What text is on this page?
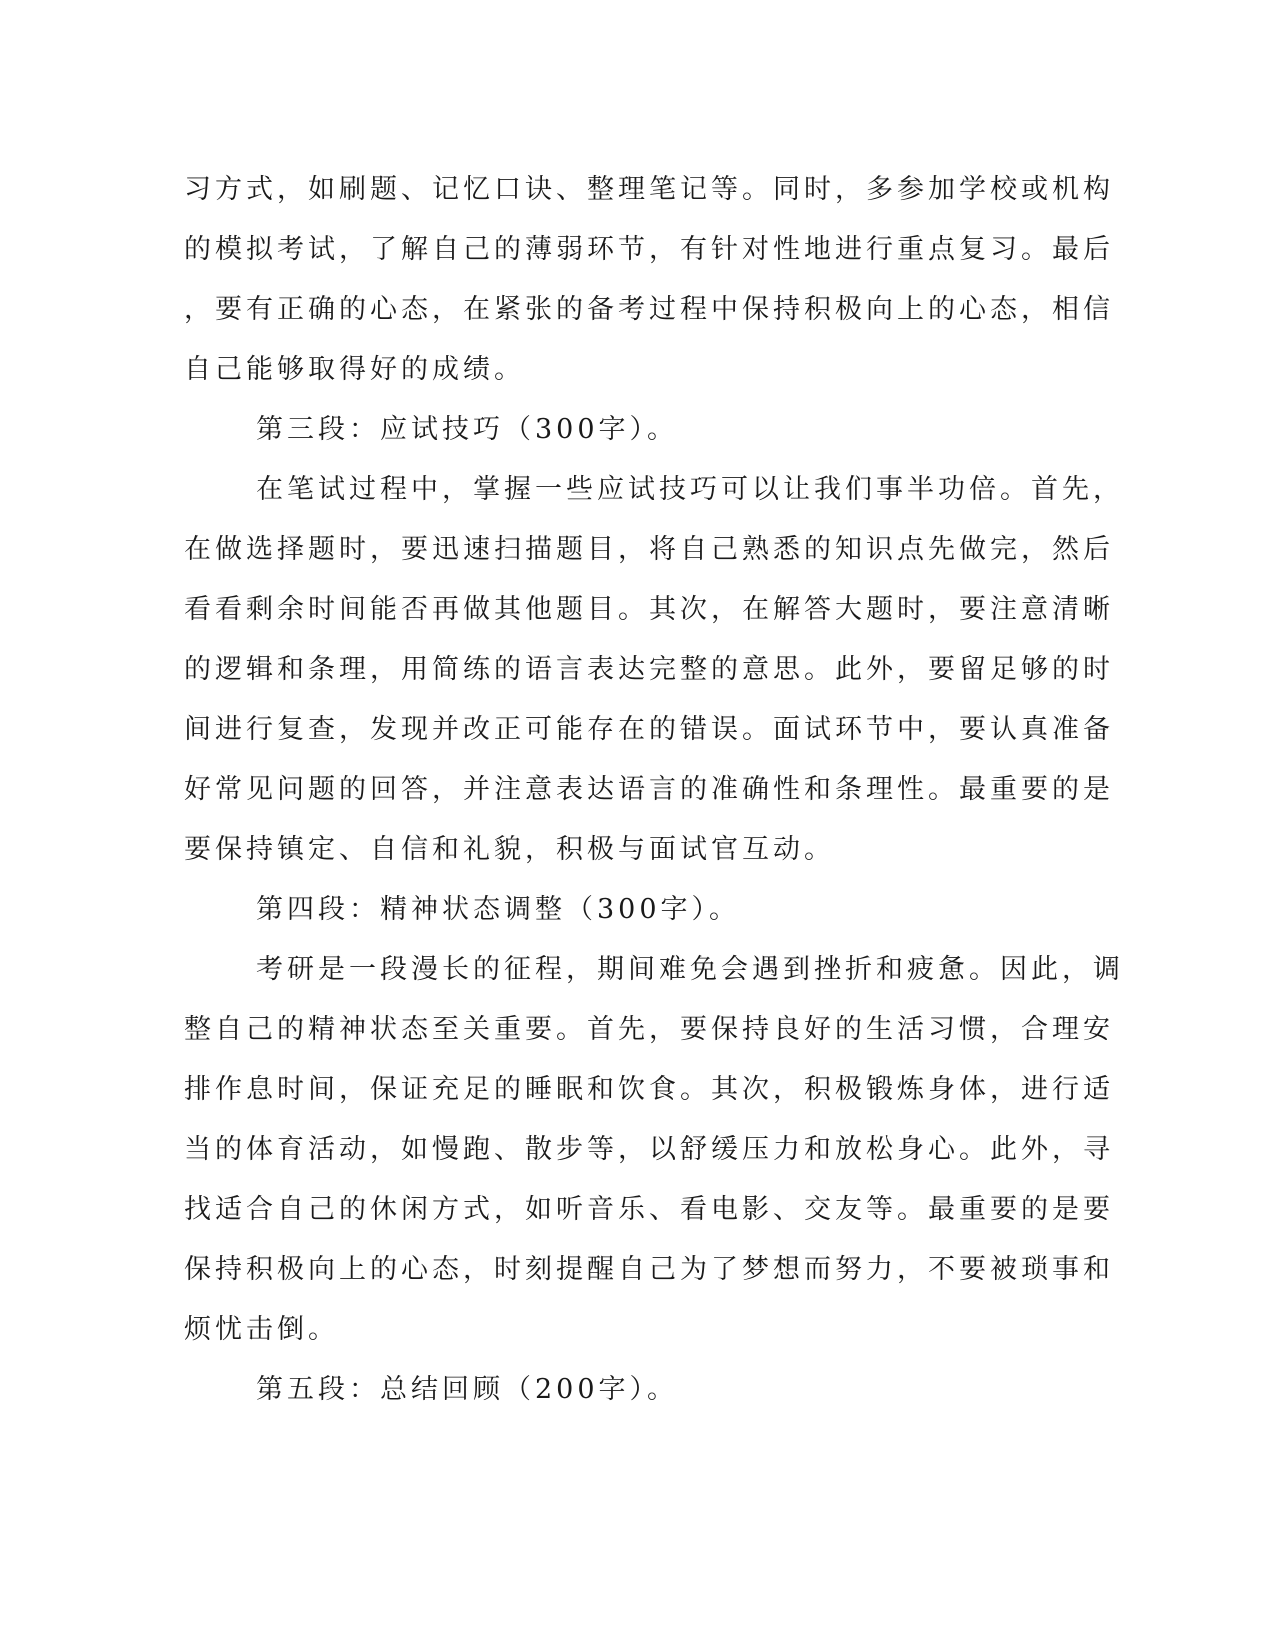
习方式，如刷题、记忆口诀、整理笔记等。同时，多参加学校或机构
的模拟考试，了解自己的薄弱环节，有针对性地进行重点复习。最后
，要有正确的心态，在紧张的备考过程中保持积极向上的心态，相信
自己能够取得好的成绩。
第三段：应试技巧（300字）。
在笔试过程中，掌握一些应试技巧可以让我们事半功倍。首先，
在做选择题时，要迅速扫描题目，将自己熟悉的知识点先做完，然后
看看剩余时间能否再做其他题目。其次，在解答大题时，要注意清晰
的逻辑和条理，用简练的语言表达完整的意思。此外，要留足够的时
间进行复查，发现并改正可能存在的错误。面试环节中，要认真准备
好常见问题的回答，并注意表达语言的准确性和条理性。最重要的是
要保持镇定、自信和礼貌，积极与面试官互动。
第四段：精神状态调整（300字）。
考研是一段漫长的征程，期间难免会遇到挫折和疲惫。因此，调
整自己的精神状态至关重要。首先，要保持良好的生活习惯，合理安
排作息时间，保证充足的睡眠和饮食。其次，积极锻炼身体，进行适
当的体育活动，如慢跑、散步等，以舒缓压力和放松身心。此外，寻
找适合自己的休闲方式，如听音乐、看电影、交友等。最重要的是要
保持积极向上的心态，时刻提醒自己为了梦想而努力，不要被琐事和
烦忧击倒。
第五段：总结回顾（200字）。
